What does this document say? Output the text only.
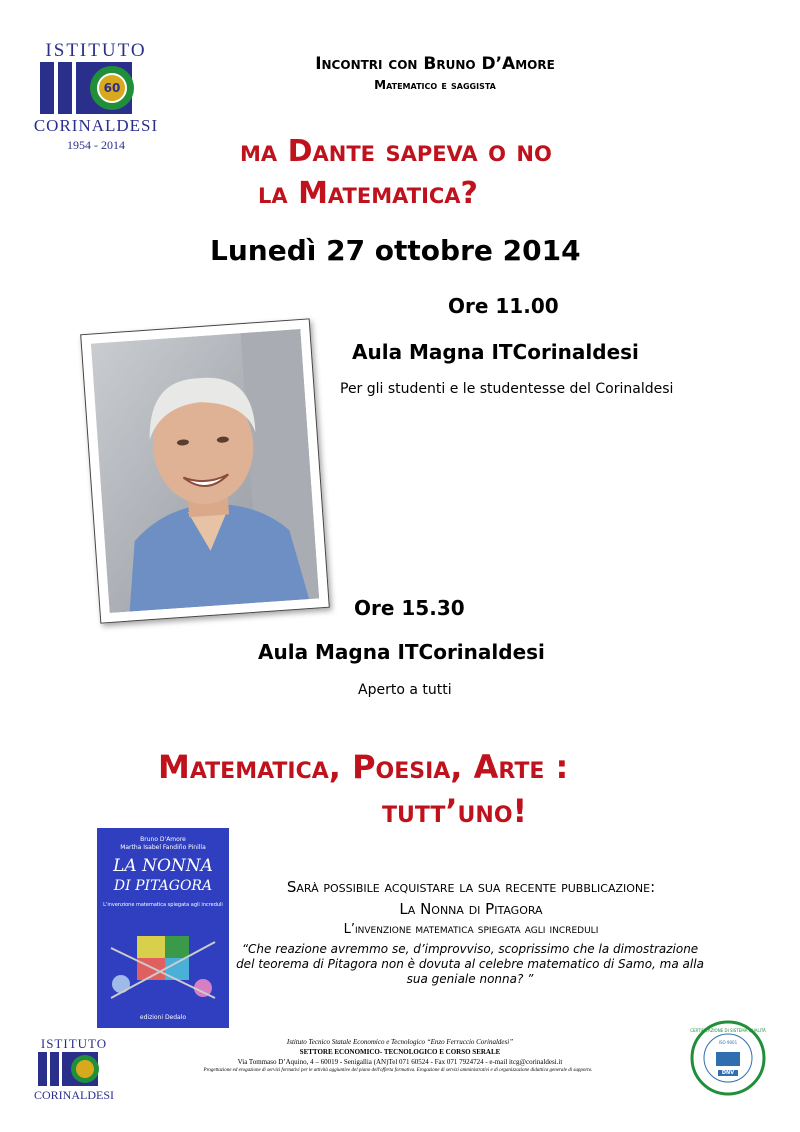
ISTITUTO
60
CORINALDESI
1954 - 2014
Incontri con Bruno D’Amore
Matematico e saggista
ma Dante sapeva o no
la Matematica?
Lunedì 27 ottobre 2014
Ore 11.00
Aula Magna ITCorinaldesi
Per gli studenti e le studentesse del Corinaldesi
Ore 15.30
Aula Magna ITCorinaldesi
Aperto a tutti
Matematica, Poesia, Arte :
tutt’uno!
Bruno D'Amore
Martha Isabel Fandiño Pinilla
LA NONNA
DI PITAGORA
L'invenzione matematica spiegata agli increduli
edizioni Dedalo
Sarà possibile acquistare la sua recente pubblicazione:
La Nonna di Pitagora
L’invenzione matematica spiegata agli increduli
“Che reazione avremmo se, d’improvviso, scoprissimo che la dimostrazione del teorema di Pitagora non è dovuta al celebre matematico di Samo, ma alla sua geniale nonna? ”
ISTITUTO
CORINALDESI
Istituto Tecnico Statale Economico e Tecnologico “Enzo Ferruccio Corinaldesi”
SETTORE ECONOMICO- TECNOLOGICO E CORSO SERALE
Via Tommaso D’Aquino, 4 – 60019 - Senigallia (AN)Tel 071 60524 - Fax 071 7924724 - e-mail itcg@corinaldesi.it
Progettazione ed erogazione di servizi formativi per le attività aggiuntive del piano dell'offerta formativa. Erogazione di servizi amministrativi e di organizzazione didattica generale di supporto.
CERTIFICAZIONE DI SISTEMA QUALITÀ
ISO 9001
DNV
